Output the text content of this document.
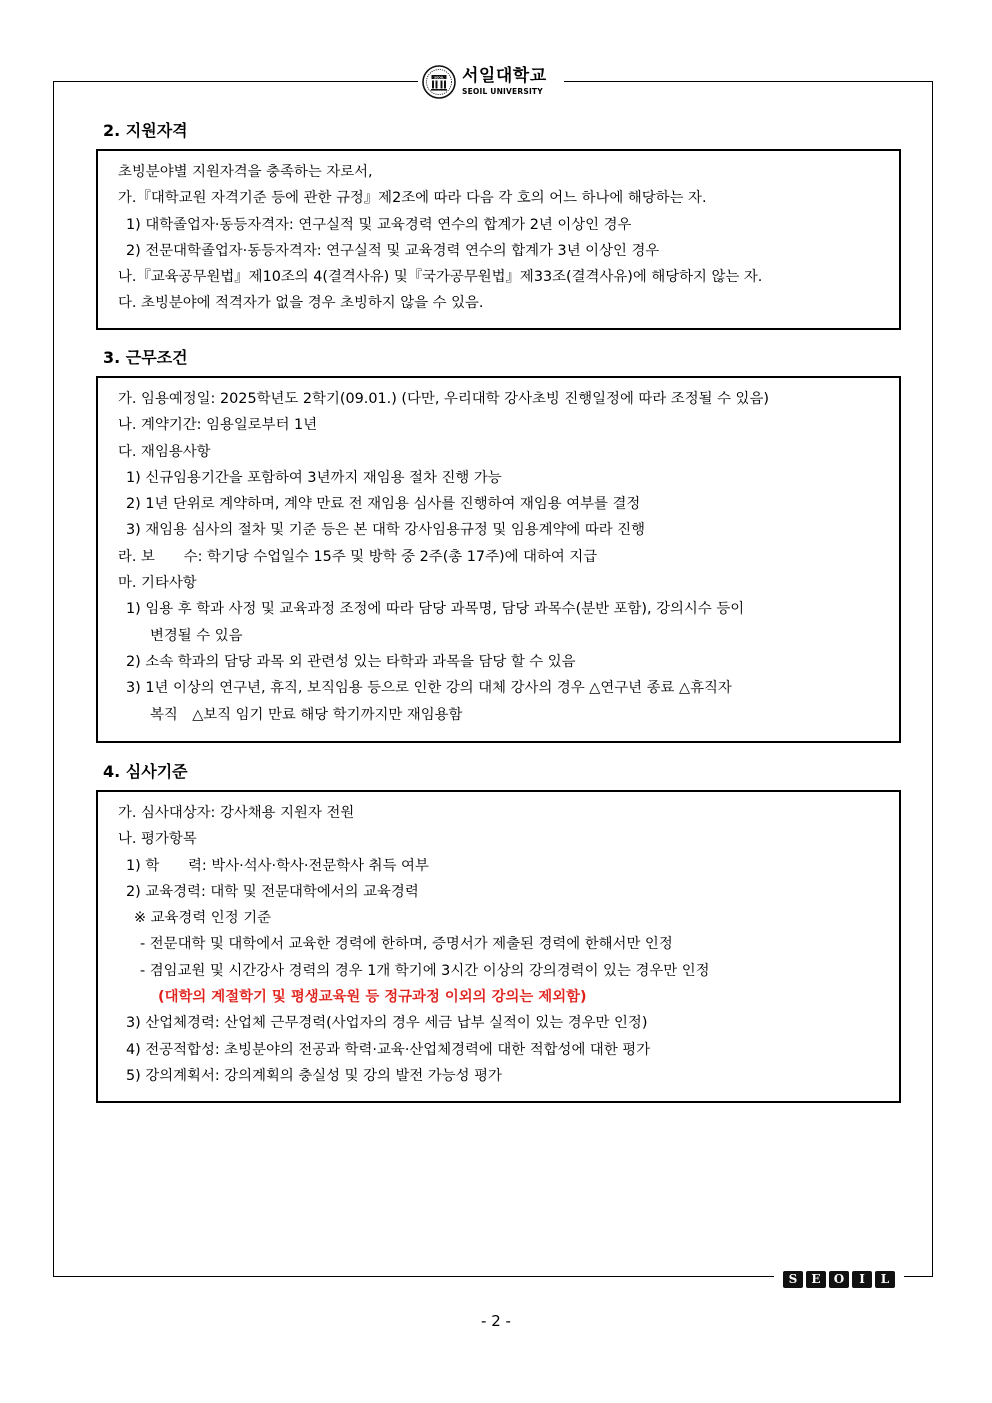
SEOIL 서일대학교
SEOIL UNIVERSITY
2. 지원자격
초빙분야별 지원자격을 충족하는 자로서,
가.『대학교원 자격기준 등에 관한 규정』제2조에 따라 다음 각 호의 어느 하나에 해당하는 자.
1) 대학졸업자·동등자격자: 연구실적 및 교육경력 연수의 합계가 2년 이상인 경우
2) 전문대학졸업자·동등자격자: 연구실적 및 교육경력 연수의 합계가 3년 이상인 경우
나.『교육공무원법』제10조의 4(결격사유) 및『국가공무원법』제33조(결격사유)에 해당하지 않는 자.
다. 초빙분야에 적격자가 없을 경우 초빙하지 않을 수 있음.
3. 근무조건
가. 임용예정일: 2025학년도 2학기(09.01.) (다만, 우리대학 강사초빙 진행일정에 따라 조정될 수 있음)
나. 계약기간: 임용일로부터 1년
다. 재임용사항
1) 신규임용기간을 포함하여 3년까지 재임용 절차 진행 가능
2) 1년 단위로 계약하며, 계약 만료 전 재임용 심사를 진행하여 재임용 여부를 결정
3) 재임용 심사의 절차 및 기준 등은 본 대학 강사임용규정 및 임용계약에 따라 진행
라. 보　　수: 학기당 수업일수 15주 및 방학 중 2주(총 17주)에 대하여 지급
마. 기타사항
1) 임용 후 학과 사정 및 교육과정 조정에 따라 담당 과목명, 담당 과목수(분반 포함), 강의시수 등이
변경될 수 있음
2) 소속 학과의 담당 과목 외 관련성 있는 타학과 과목을 담당 할 수 있음
3) 1년 이상의 연구년, 휴직, 보직임용 등으로 인한 강의 대체 강사의 경우 △연구년 종료 △휴직자
복직　△보직 임기 만료 해당 학기까지만 재임용함
4. 심사기준
가. 심사대상자: 강사채용 지원자 전원
나. 평가항목
1) 학　　력: 박사·석사·학사·전문학사 취득 여부
2) 교육경력: 대학 및 전문대학에서의 교육경력
※ 교육경력 인정 기준
- 전문대학 및 대학에서 교육한 경력에 한하며, 증명서가 제출된 경력에 한해서만 인정
- 겸임교원 및 시간강사 경력의 경우 1개 학기에 3시간 이상의 강의경력이 있는 경우만 인정
(대학의 계절학기 및 평생교육원 등 정규과정 이외의 강의는 제외함)
3) 산업체경력: 산업체 근무경력(사업자의 경우 세금 납부 실적이 있는 경우만 인정)
4) 전공적합성: 초빙분야의 전공과 학력·교육·산업체경력에 대한 적합성에 대한 평가
5) 강의계획서: 강의계획의 충실성 및 강의 발전 가능성 평가
S	E	O	I	L
- 2 -
